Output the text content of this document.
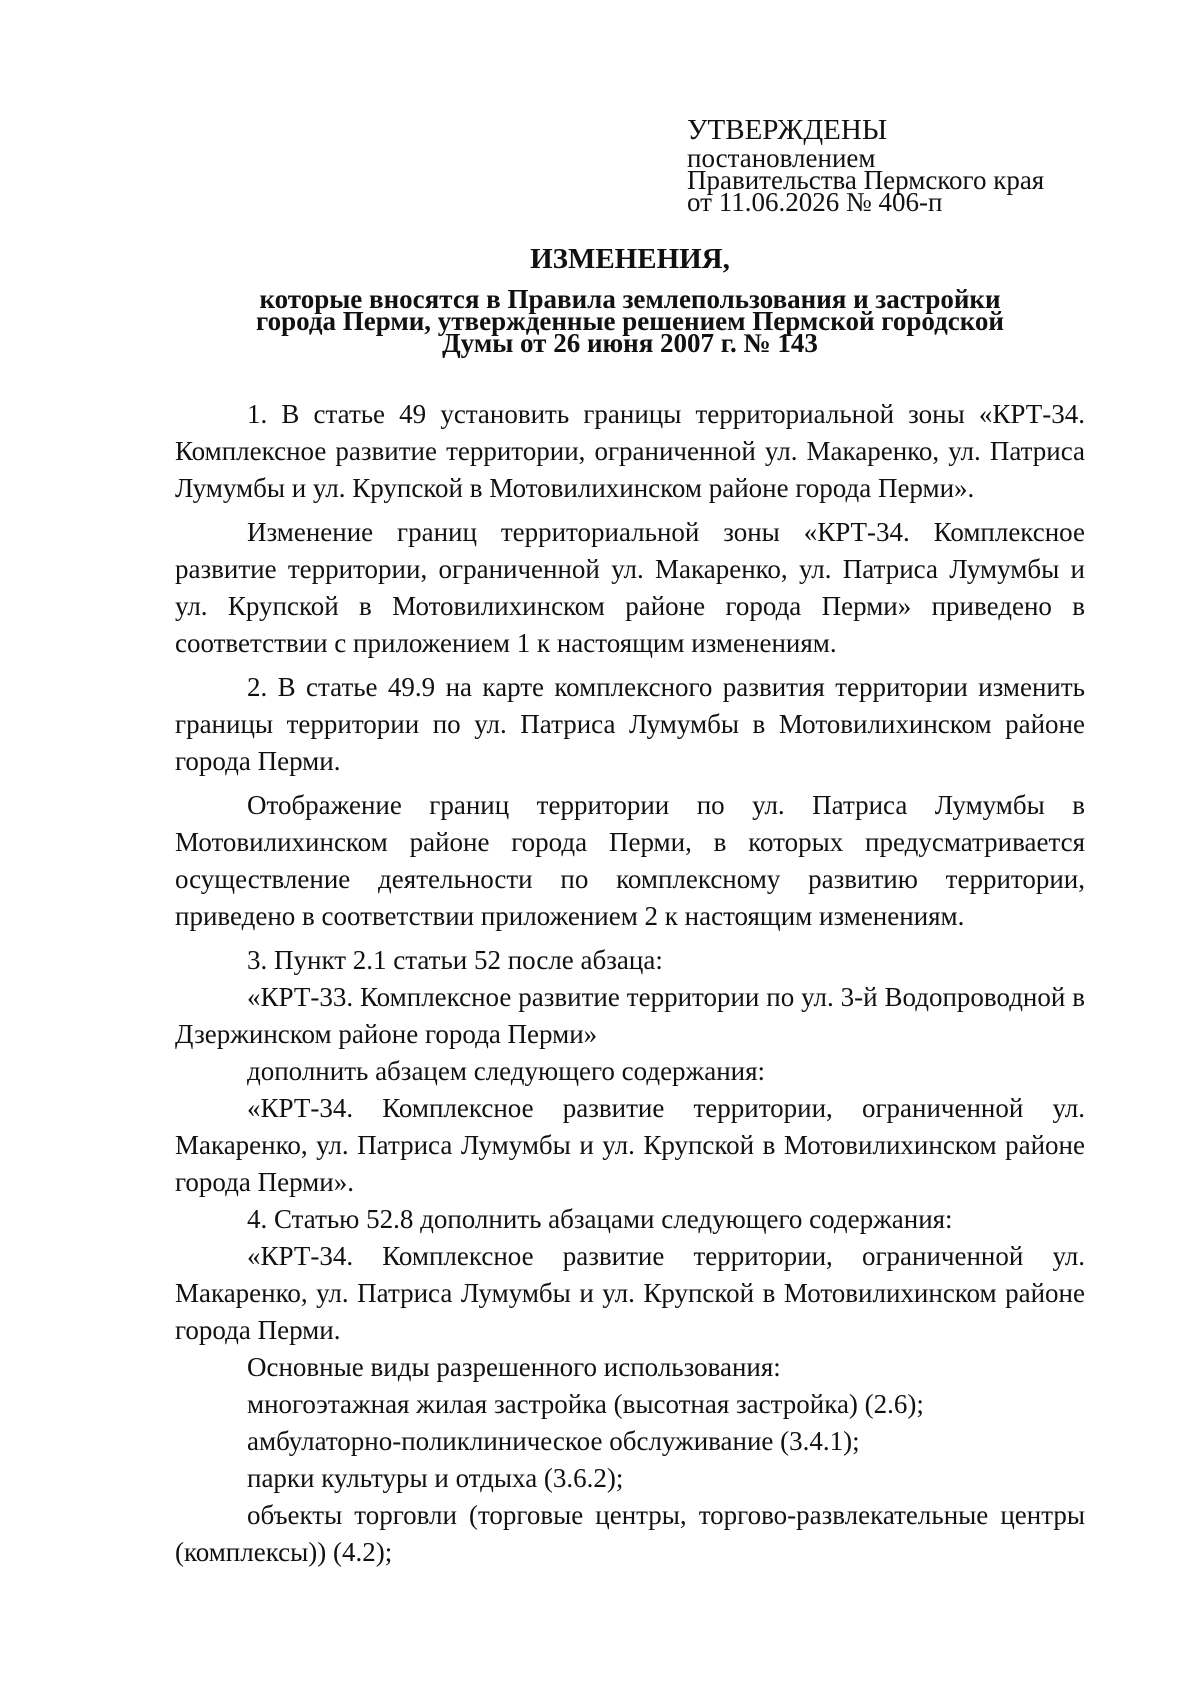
УТВЕРЖДЕНЫ
постановлением
Правительства Пермского края
от 11.06.2026 № 406-п
ИЗМЕНЕНИЯ,
которые вносятся в Правила землепользования и застройки
города Перми, утвержденные решением Пермской городской
Думы от 26 июня 2007 г. № 143

1. В статье 49 установить границы территориальной зоны «КРТ-34. Комплексное развитие территории, ограниченной ул. Макаренко, ул. Патриса Лумумбы и ул. Крупской в Мотовилихинском районе города Перми».

Изменение границ территориальной зоны «КРТ-34. Комплексное развитие территории, ограниченной ул. Макаренко, ул. Патриса Лумумбы и ул. Крупской в Мотовилихинском районе города Перми» приведено в соответствии с приложением 1 к настоящим изменениям.

2. В статье 49.9 на карте комплексного развития территории изменить границы территории по ул. Патриса Лумумбы в Мотовилихинском районе города Перми.

Отображение границ территории по ул. Патриса Лумумбы в Мотовилихинском районе города Перми, в которых предусматривается осуществление деятельности по комплексному развитию территории, приведено в соответствии приложением 2 к настоящим изменениям.

3. Пункт 2.1 статьи 52 после абзаца:

«КРТ-33. Комплексное развитие территории по ул. 3-й Водопроводной в Дзержинском районе города Перми»

дополнить абзацем следующего содержания:

«КРТ-34. Комплексное развитие территории, ограниченной ул. Макаренко, ул. Патриса Лумумбы и ул. Крупской в Мотовилихинском районе города Перми».

4. Статью 52.8 дополнить абзацами следующего содержания:

«КРТ-34. Комплексное развитие территории, ограниченной ул. Макаренко, ул. Патриса Лумумбы и ул. Крупской в Мотовилихинском районе города Перми.

Основные виды разрешенного использования:

многоэтажная жилая застройка (высотная застройка) (2.6);

амбулаторно-поликлиническое обслуживание (3.4.1);

парки культуры и отдыха (3.6.2);

объекты торговли (торговые центры, торгово-развлекательные центры (комплексы)) (4.2);
